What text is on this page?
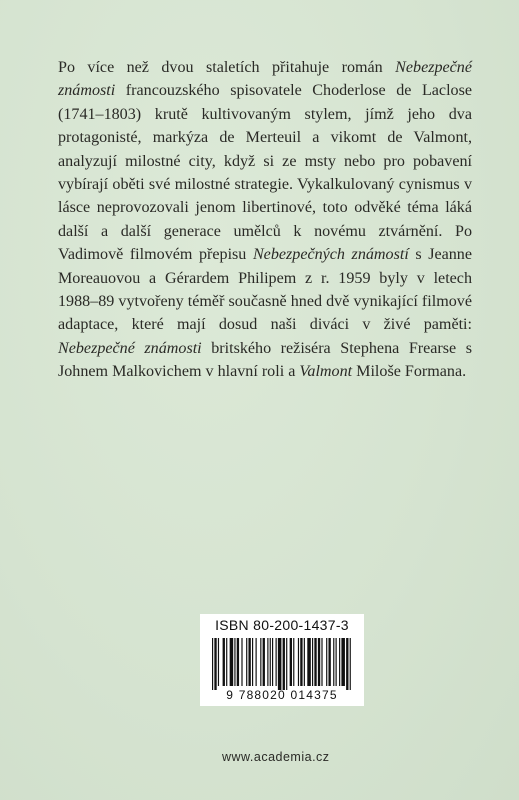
Po více než dvou staletích přitahuje román Nebezpečné známosti francouzského spisovatele Choderlose de Laclose (1741–1803) krutě kultivovaným stylem, jímž jeho dva protagonisté, markýza de Merteuil a vikomt de Valmont, analyzují milostné city, když si ze msty nebo pro pobavení vybírají oběti své milostné strategie. Vykalkulovaný cynismus v lásce neprovozovali jenom libertinové, toto odvěké téma láká další a další generace umělců k novému ztvárnění. Po Vadimově filmovém přepisu Nebezpečných známostí s Jeanne Moreauovou a Gérardem Philipem z r. 1959 byly v letech 1988–89 vytvořeny téměř současně hned dvě vynikající filmové adaptace, které mají dosud naši diváci v živé paměti: Nebezpečné známosti britského režiséra Stephena Frearse s Johnem Malkovichem v hlavní roli a Valmont Miloše Formana.

ISBN 80-200-1437-3
9 788020 014375
www.academia.cz
